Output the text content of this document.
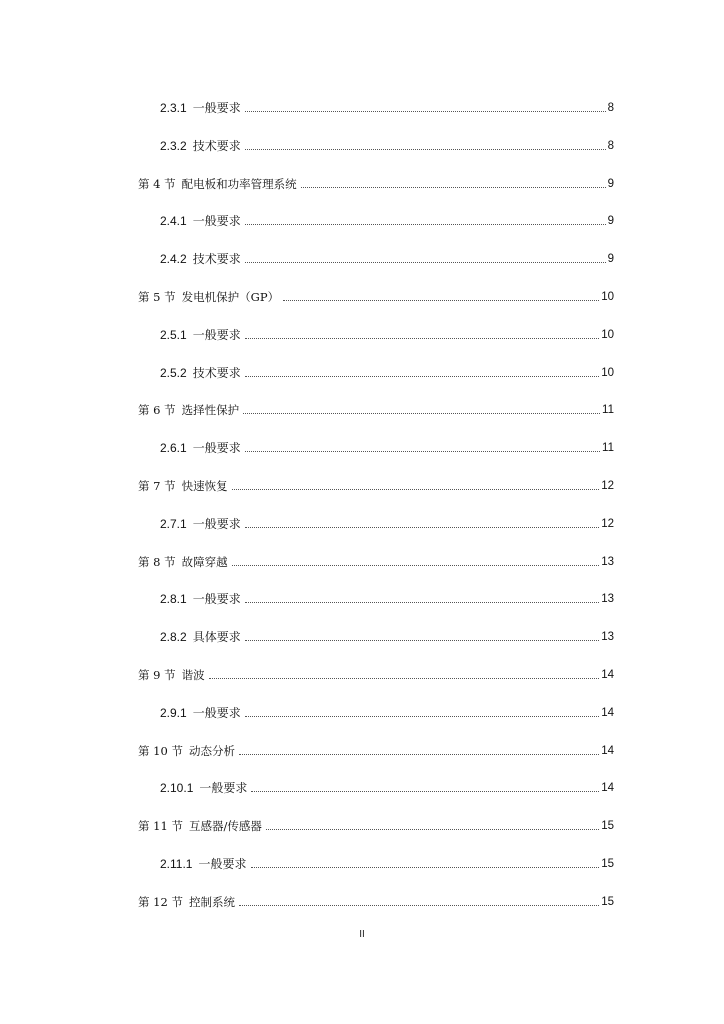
2.3.1 一般要求	8
2.3.2 技术要求	8
第 4 节 配电板和功率管理系统	9
2.4.1 一般要求	9
2.4.2 技术要求	9
第 5 节 发电机保护（GP）	10
2.5.1 一般要求	10
2.5.2 技术要求	10
第 6 节 选择性保护	11
2.6.1 一般要求	11
第 7 节 快速恢复	12
2.7.1 一般要求	12
第 8 节 故障穿越	13
2.8.1 一般要求	13
2.8.2 具体要求	13
第 9 节 谐波	14
2.9.1 一般要求	14
第 10 节 动态分析	14
2.10.1 一般要求	14
第 11 节 互感器/传感器	15
2.11.1 一般要求	15
第 12 节 控制系统	15
II
